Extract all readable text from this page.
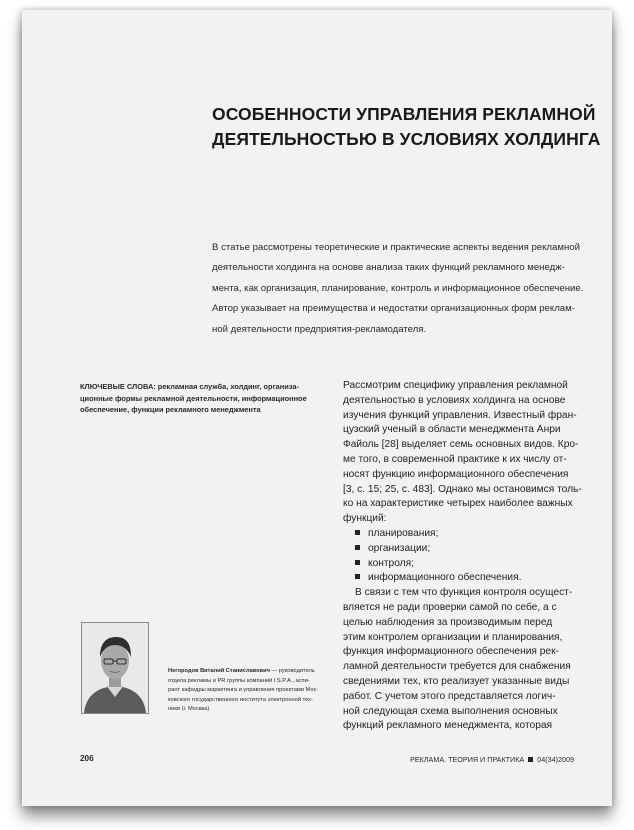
ОСОБЕННОСТИ УПРАВЛЕНИЯ РЕКЛАМНОЙ
ДЕЯТЕЛЬНОСТЬЮ В УСЛОВИЯХ ХОЛДИНГА
В статье рассмотрены теоретические и практические аспекты ведения рекламной
деятельности холдинга на основе анализа таких функций рекламного менедж-
мента, как организация, планирование, контроль и информационное обеспечение.
Автор указывает на преимущества и недостатки организационных форм реклам-
ной деятельности предприятия-рекламодателя.
КЛЮЧЕВЫЕ СЛОВА: рекламная служба, холдинг, организа-
ционные формы рекламной деятельности, информационное
обеспечение, функции рекламного менеджмента
Негородов Виталий Станиславович — руководитель
отдела рекламы и PR группы компаний I.S.P.A., аспи-
рант кафедры маркетинга и управления проектами Мос-
ковского государственного института электронной тех-
ники (г. Москва)
Рассмотрим специфику управления рекламной
деятельностью в условиях холдинга на основе
изучения функций управления. Известный фран-
цузский ученый в области менеджмента Анри
Файоль [28] выделяет семь основных видов. Кро-
ме того, в современной практике к их числу от-
носят функцию информационного обеспечения
[3, с. 15; 25, с. 483]. Однако мы остановимся толь-
ко на характеристике четырех наиболее важных
функций:
планирования;
организации;
контроля;
информационного обеспечения.
В связи с тем что функция контроля осущест-
вляется не ради проверки самой по себе, а с
целью наблюдения за производимым перед
этим контролем организации и планирования,
функция информационного обеспечения рек-
ламной деятельности требуется для снабжения
сведениями тех, кто реализует указанные виды
работ. С учетом этого представляется логич-
ной следующая схема выполнения основных
функций рекламного менеджмента, которая
206	РЕКЛАМА. ТЕОРИЯ И ПРАКТИКА 04(34)2009
